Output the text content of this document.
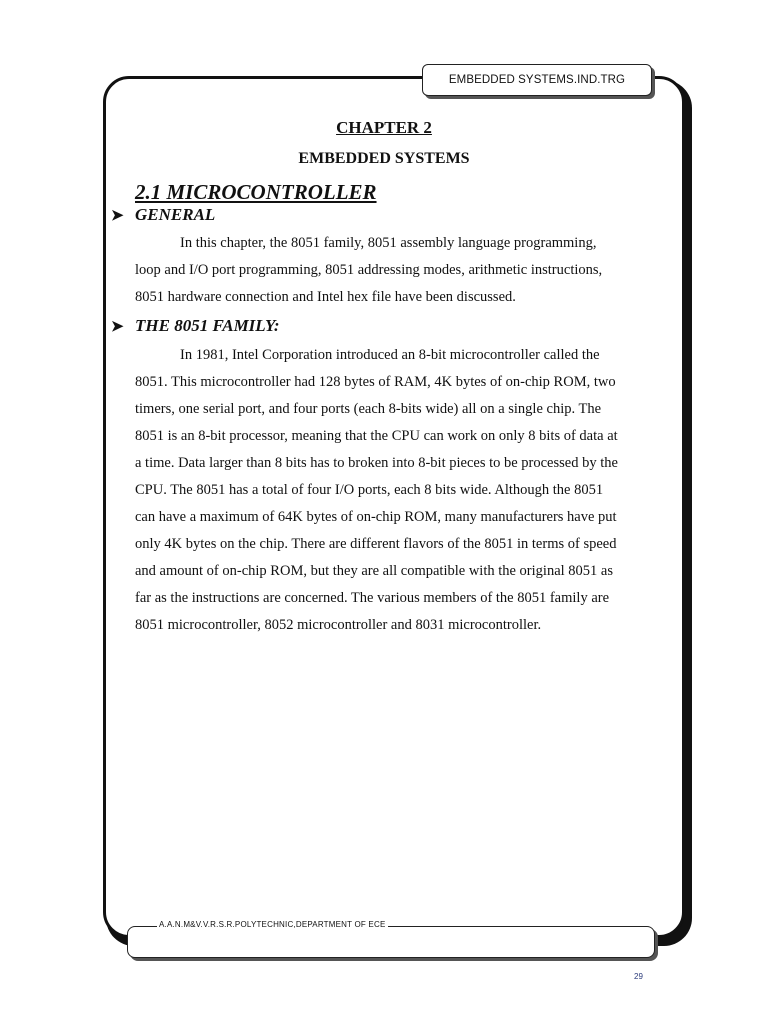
EMBEDDED SYSTEMS.IND.TRG
CHAPTER 2
EMBEDDED SYSTEMS
2.1 MICROCONTROLLER
➤ GENERAL

In this chapter, the 8051 family, 8051 assembly language programming,
loop and I/O port programming, 8051 addressing modes, arithmetic instructions,
8051 hardware connection and Intel hex file have been discussed.

➤ THE 8051 FAMILY:

In 1981, Intel Corporation introduced an 8-bit microcontroller called the
8051. This microcontroller had 128 bytes of RAM, 4K bytes of on-chip ROM, two
timers, one serial port, and four ports (each 8-bits wide) all on a single chip. The
8051 is an 8-bit processor, meaning that the CPU can work on only 8 bits of data at
a time. Data larger than 8 bits has to broken into 8-bit pieces to be processed by the
CPU. The 8051 has a total of four I/O ports, each 8 bits wide. Although the 8051
can have a maximum of 64K bytes of on-chip ROM, many manufacturers have put
only 4K bytes on the chip. There are different flavors of the 8051 in terms of speed
and amount of on-chip ROM, but they are all compatible with the original 8051 as
far as the instructions are concerned. The various members of the 8051 family are
8051 microcontroller, 8052 microcontroller and 8031 microcontroller.

A.A.N.M&V.V.R.S.R.POLYTECHNIC,DEPARTMENT OF ECE
29
